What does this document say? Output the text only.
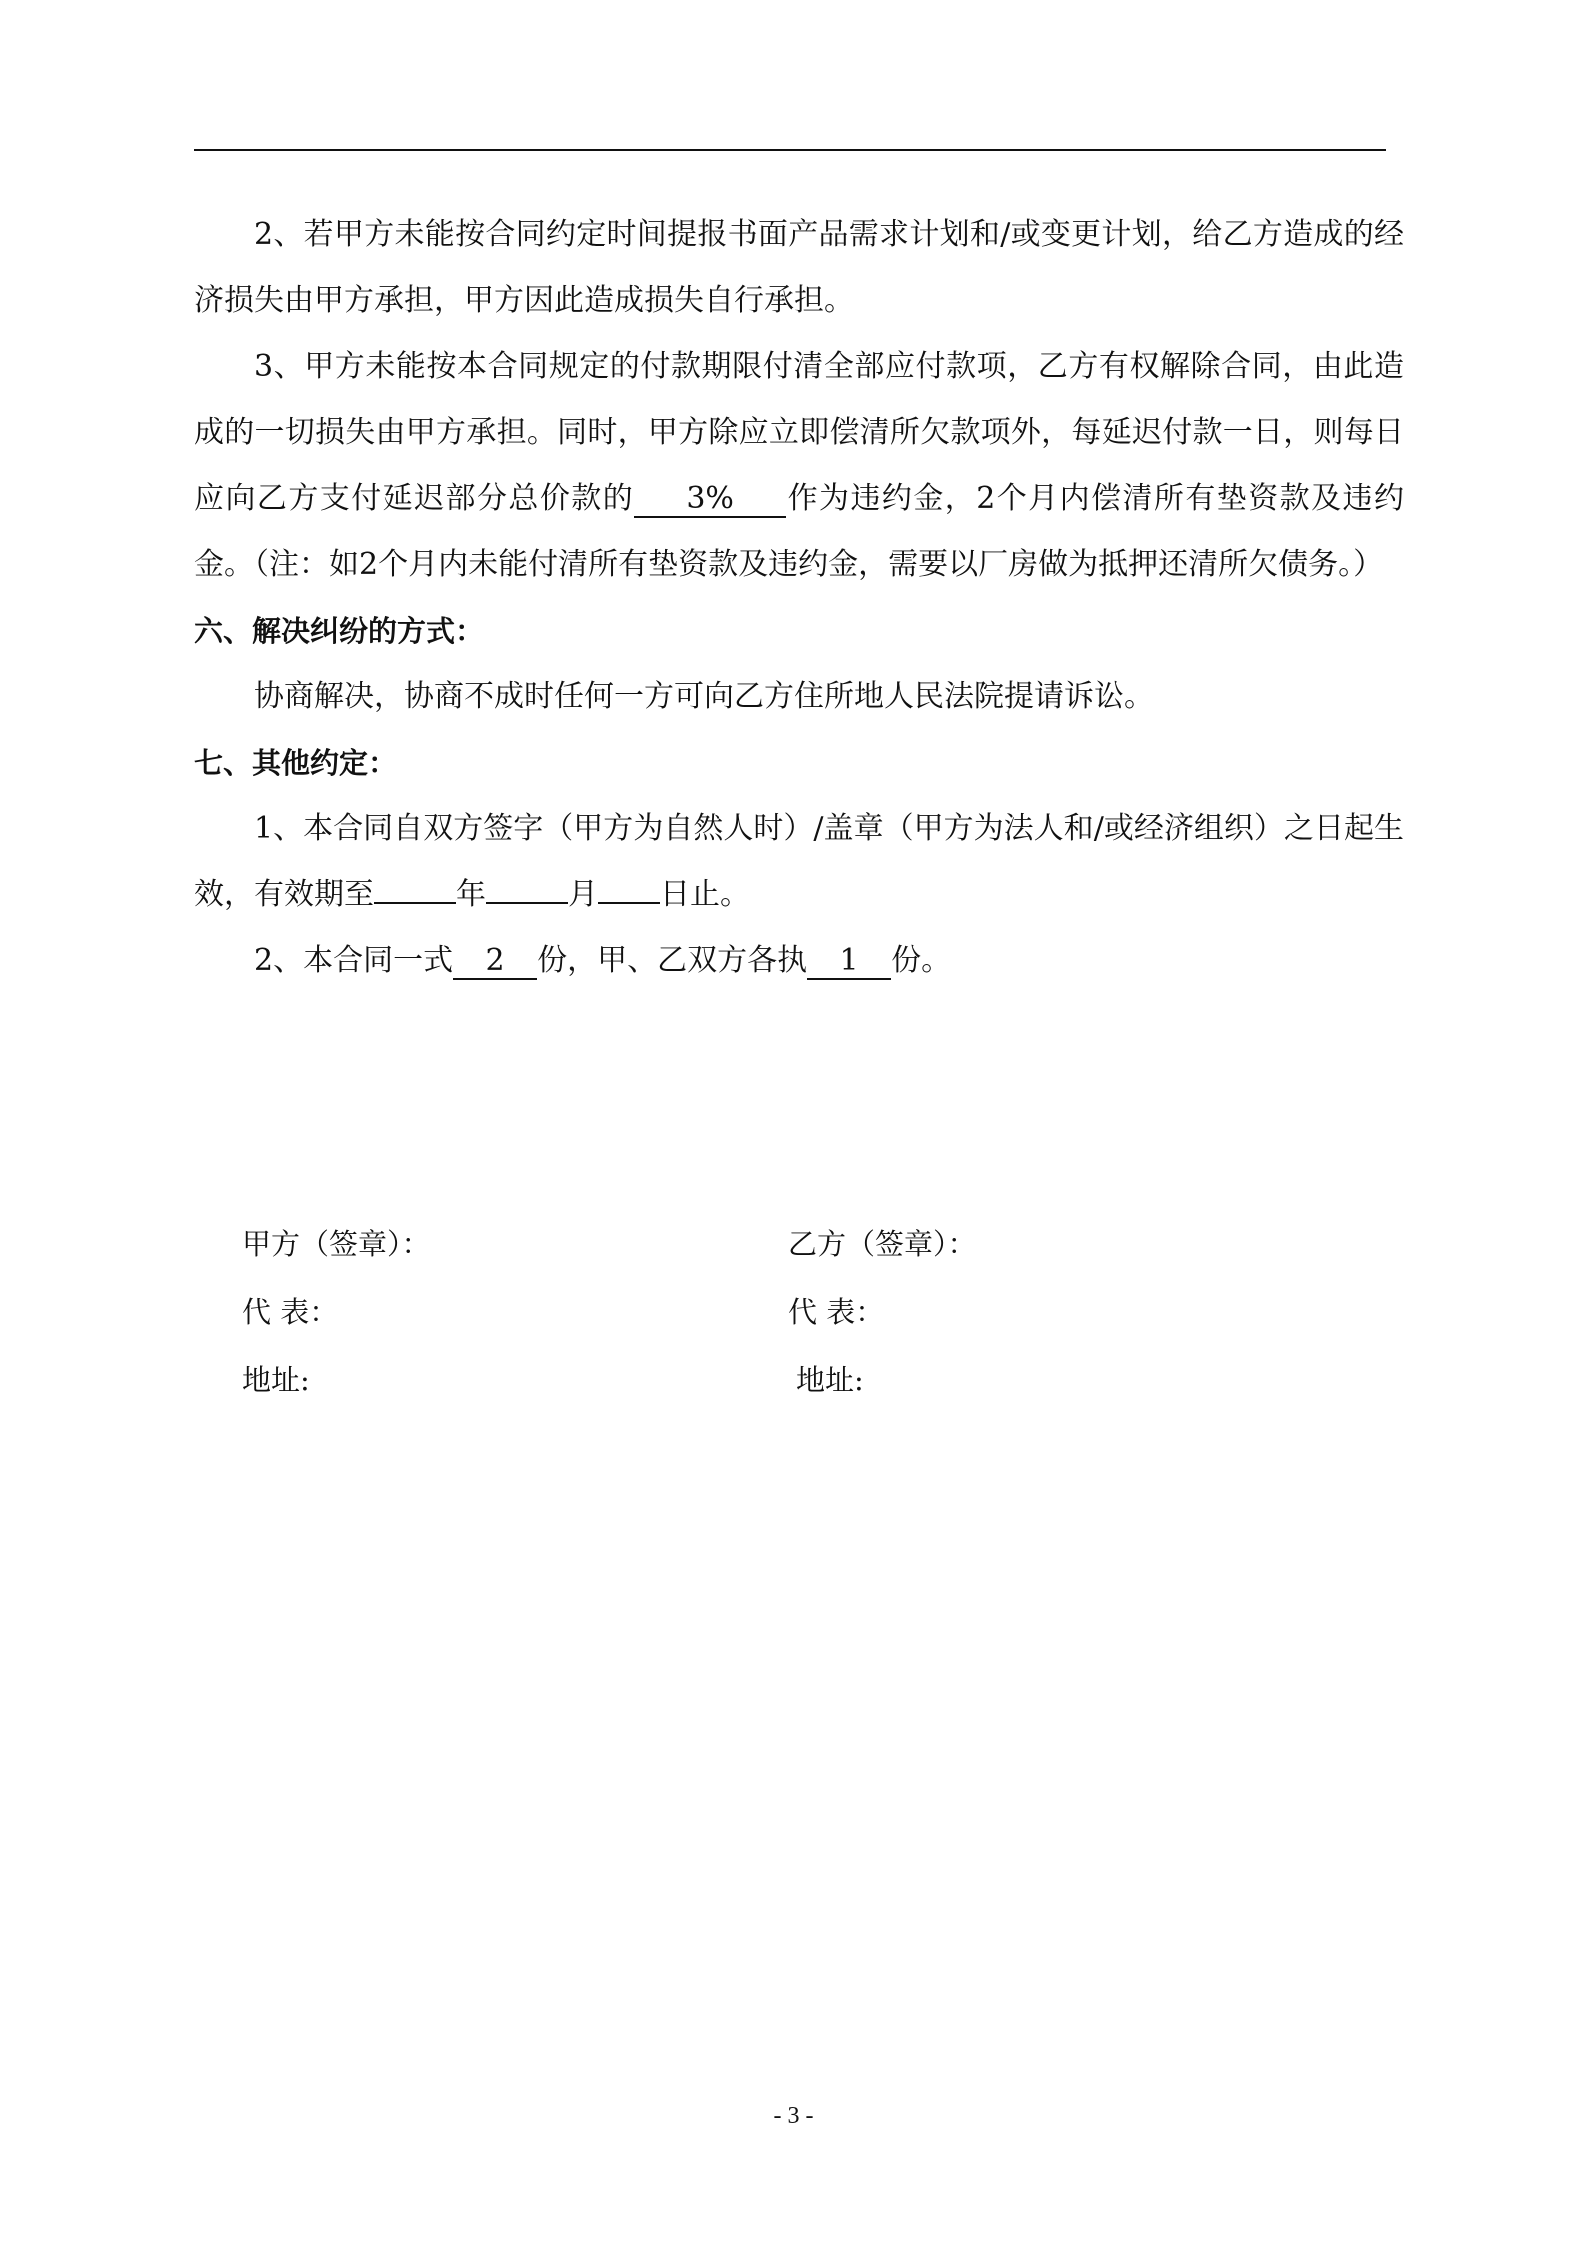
2、若甲方未能按合同约定时间提报书面产品需求计划和/或变更计划，给乙方造成的经济损失由甲方承担，甲方因此造成损失自行承担。

3、甲方未能按本合同规定的付款期限付清全部应付款项，乙方有权解除合同，由此造成的一切损失由甲方承担。同时，甲方除应立即偿清所欠款项外，每延迟付款一日，则每日应向乙方支付延迟部分总价款的 3% 作为违约金，2个月内偿清所有垫资款及违约金。（注：如2个月内未能付清所有垫资款及违约金，需要以厂房做为抵押还清所欠债务。）

六、解决纠纷的方式：

协商解决，协商不成时任何一方可向乙方住所地人民法院提请诉讼。

七、其他约定：

1、本合同自双方签字（甲方为自然人时）/盖章（甲方为法人和/或经济组织）之日起生效，有效期至	年	月 日止。

2、本合同一式 2 份，甲、乙双方各执 1 份。

甲方（签章）：	乙方（签章）：
代 表：	代 表：
地址:	地址:
- 3 -
